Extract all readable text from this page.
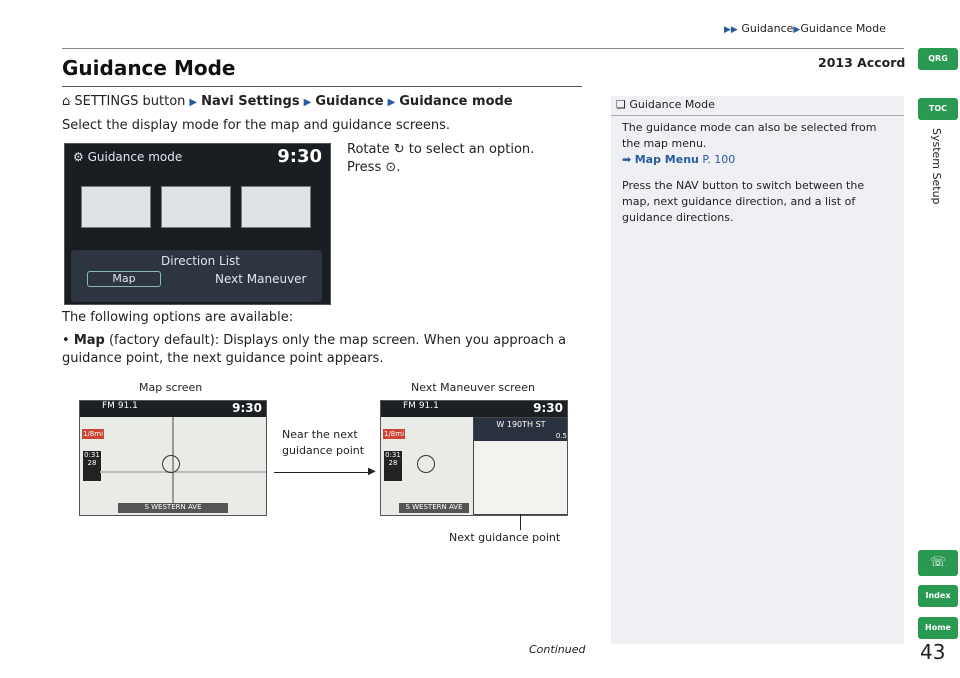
▶▶ Guidance▶Guidance Mode
2013 Accord
Guidance Mode
⌂ SETTINGS button ▶ Navi Settings ▶ Guidance ▶ Guidance mode
Select the display mode for the map and guidance screens.
⚙ Guidance mode	9:30
Direction List
Map	Next Maneuver
Rotate ↻ to select an option.
Press ⊙.
The following options are available:
• Map (factory default): Displays only the map screen. When you approach a guidance point, the next guidance point appears.
Map screen	Next Maneuver screen
FM 91.1	9:30
1/8mi
0:31
28
S WESTERN AVE
Near the next guidance point
▶
FM 91.1	9:30
1/8mi
0:31
28
W 190TH ST
0.5
S WESTERN AVE
Next guidance point
❏ Guidance Mode
The guidance mode can also be selected from the map menu.
➡ Map Menu P. 100
Press the NAV button to switch between the map, next guidance direction, and a list of guidance directions.
QRG
TOC
System Setup
☏
Index
Home
Continued	43
